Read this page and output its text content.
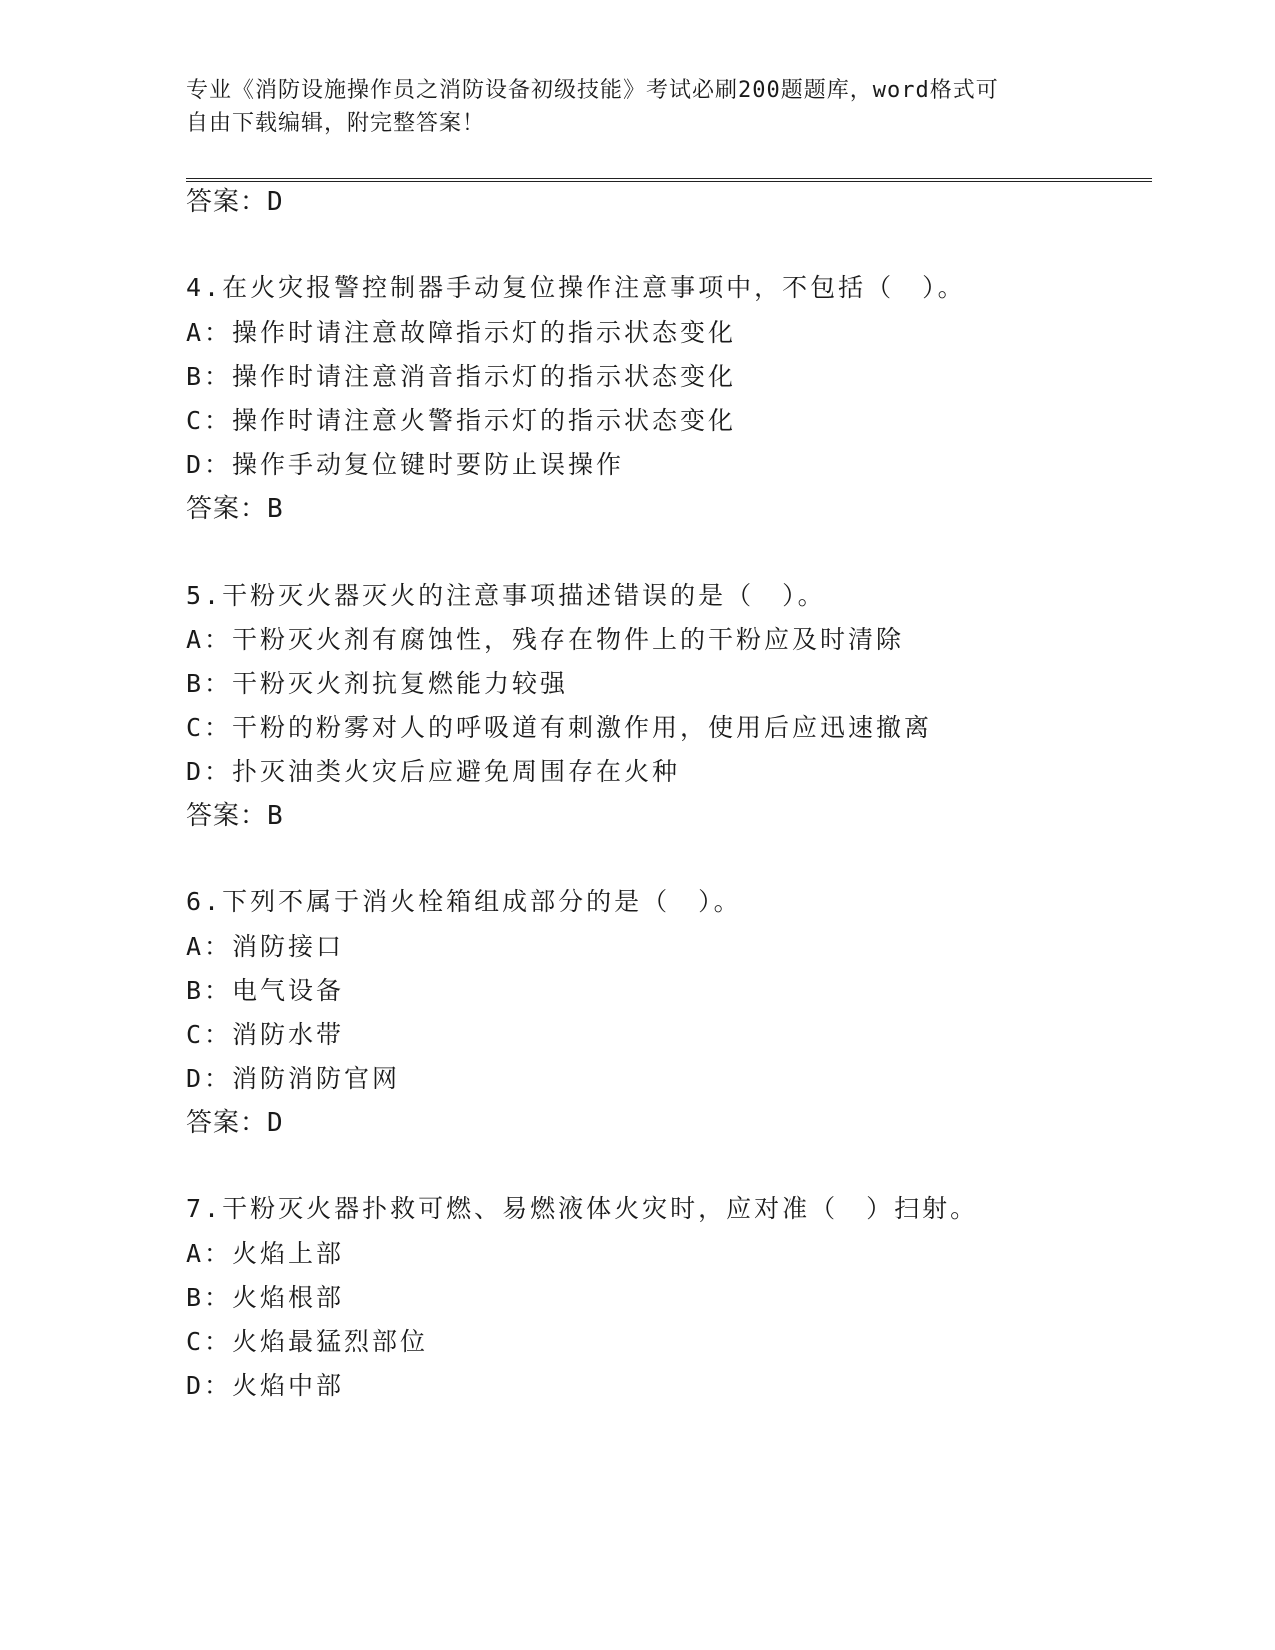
专业《消防设施操作员之消防设备初级技能》考试必刷200题题库，word格式可
自由下载编辑，附完整答案！
答案：D
4.在火灾报警控制器手动复位操作注意事项中，不包括（　）。
A：操作时请注意故障指示灯的指示状态变化
B：操作时请注意消音指示灯的指示状态变化
C：操作时请注意火警指示灯的指示状态变化
D：操作手动复位键时要防止误操作
答案：B
5.干粉灭火器灭火的注意事项描述错误的是（　）。
A：干粉灭火剂有腐蚀性，残存在物件上的干粉应及时清除
B：干粉灭火剂抗复燃能力较强
C：干粉的粉雾对人的呼吸道有刺激作用，使用后应迅速撤离
D：扑灭油类火灾后应避免周围存在火种
答案：B
6.下列不属于消火栓箱组成部分的是（　）。
A：消防接口
B：电气设备
C：消防水带
D：消防消防官网
答案：D
7.干粉灭火器扑救可燃、易燃液体火灾时，应对准（　）扫射。
A：火焰上部
B：火焰根部
C：火焰最猛烈部位
D：火焰中部
